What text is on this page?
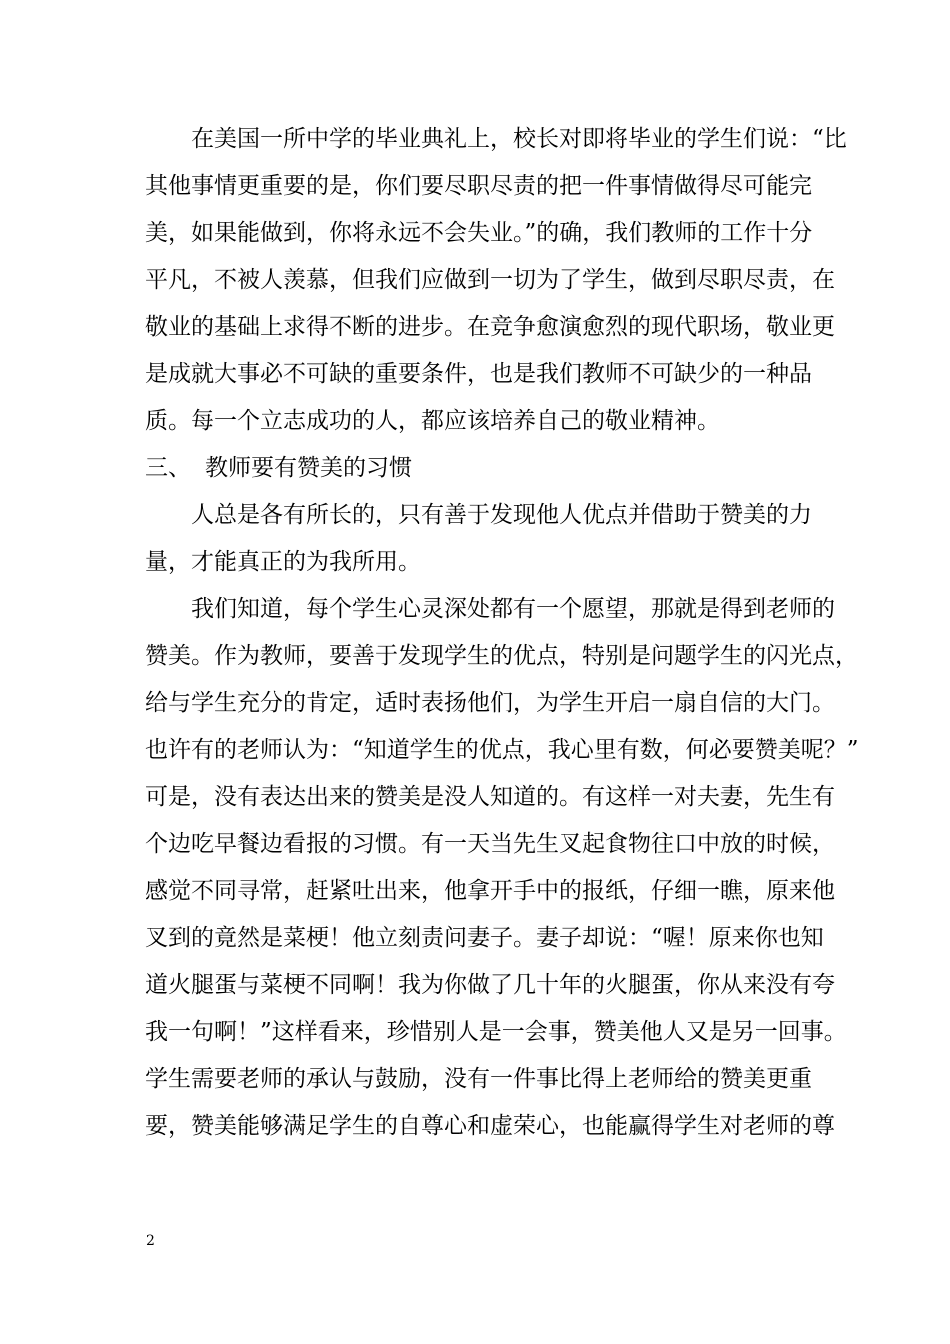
在美国一所中学的毕业典礼上，校长对即将毕业的学生们说：“比
其他事情更重要的是，你们要尽职尽责的把一件事情做得尽可能完
美，如果能做到，你将永远不会失业。”的确，我们教师的工作十分
平凡，不被人羡慕，但我们应做到一切为了学生，做到尽职尽责，在
敬业的基础上求得不断的进步。在竞争愈演愈烈的现代职场，敬业更
是成就大事必不可缺的重要条件，也是我们教师不可缺少的一种品
质。每一个立志成功的人，都应该培养自己的敬业精神。

三、 教师要有赞美的习惯

人总是各有所长的，只有善于发现他人优点并借助于赞美的力
量，才能真正的为我所用。

我们知道，每个学生心灵深处都有一个愿望，那就是得到老师的
赞美。作为教师，要善于发现学生的优点，特别是问题学生的闪光点，
给与学生充分的肯定，适时表扬他们，为学生开启一扇自信的大门。
也许有的老师认为：“知道学生的优点，我心里有数，何必要赞美呢？”
可是，没有表达出来的赞美是没人知道的。有这样一对夫妻，先生有
个边吃早餐边看报的习惯。有一天当先生叉起食物往口中放的时候，
感觉不同寻常，赶紧吐出来，他拿开手中的报纸，仔细一瞧，原来他
叉到的竟然是菜梗！他立刻责问妻子。妻子却说：“喔！原来你也知
道火腿蛋与菜梗不同啊！我为你做了几十年的火腿蛋，你从来没有夸
我一句啊！”这样看来，珍惜别人是一会事，赞美他人又是另一回事。
学生需要老师的承认与鼓励，没有一件事比得上老师给的赞美更重
要，赞美能够满足学生的自尊心和虚荣心，也能赢得学生对老师的尊

2
